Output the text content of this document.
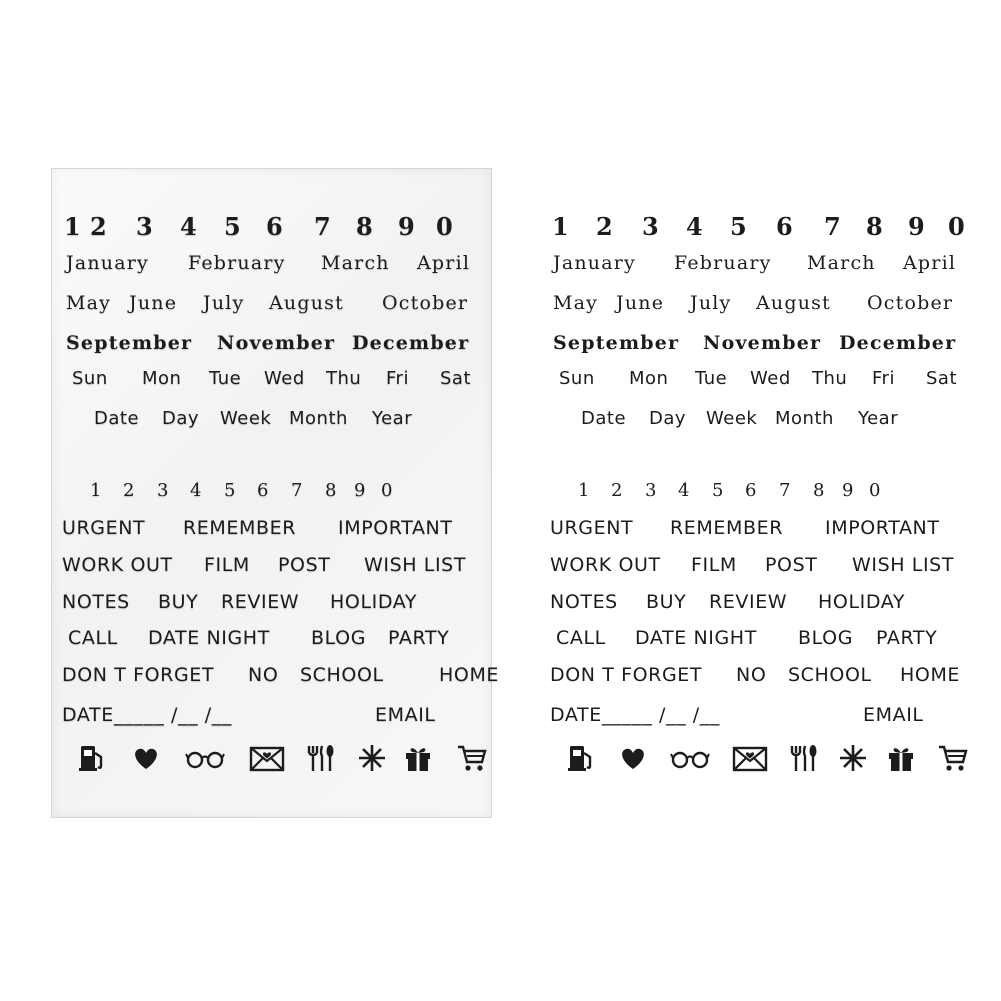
1 2	3	4	5	6	7	8	9 0
January	February	March	April
May June	July	August	October
September	November December
Sun	Mon	Tue	Wed	Thu	Fri	Sat
Date	Day	Week Month	Year
1	2	3	4	5	6	7	8 9 0
URGENT	REMEMBER	IMPORTANT
WORK OUT	FILM	POST	WISH LIST
NOTES	BUY	REVIEW	HOLIDAY
CALL	DATE NIGHT	BLOG	PARTY
DON T FORGET	NO	SCHOOL	HOME
DATE_____ /__ /__	EMAIL
1	2	3	4	5	6	7	8	9 0
January	February	March	April
May June	July	August	October
September	November December
Sun	Mon	Tue	Wed	Thu	Fri	Sat
Date	Day	Week Month	Year
1	2	3	4	5	6	7	8 9 0
URGENT	REMEMBER	IMPORTANT
WORK OUT	FILM	POST	WISH LIST
NOTES	BUY	REVIEW	HOLIDAY
CALL	DATE NIGHT	BLOG	PARTY
DON T FORGET	NO	SCHOOL	HOME
DATE_____ /__ /__	EMAIL
